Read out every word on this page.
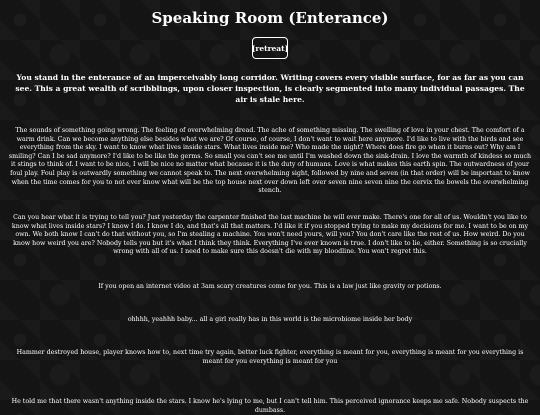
Speaking Room (Enterance)
[retreat]

You stand in the enterance of an imperceivably long corridor. Writing covers every visible surface, for as far as you can see. This a great wealth of scribblings, upon closer inspection, is clearly segmented into many individual passages. The air is stale here.

The sounds of something going wrong. The feeling of overwhelming dread. The ache of something missing. The swelling of love in your chest. The comfort of a warm drink. Can we become anything else besides what we are? Of course, of course, I don't want to wait here anymore. I'd like to live with the birds and see everything from the sky. I want to know what lives inside stars. What lives inside me? Who made the night? Where does fire go when it burns out? Why am I smiling? Can I be sad anymore? I'd like to be like the germs. So small you can't see me until I'm washed down the sink-drain. I love the warmth of kindess so much it stings to think of. I want to be nice, I will be nice no matter what because it is the duty of humans. Love is what makes this earth spin. The outwardness of your foul play. Foul play is outwardly something we cannot speak to. The next overwhelming sight, followed by nine and seven (in that order) will be important to know when the time comes for you to not ever know what will be the top house next over down left over seven nine seven nine the cervix the bowels the overwhelming stench.

Can you hear what it is trying to tell you? Just yesterday the carpenter finished the last machine he will ever make. There's one for all of us. Wouldn't you like to know what lives inside stars? I know I do. I know I do, and that's all that matters. I'd like it if you stopped trying to make my decisions for me. I want to be on my own. We both know I can't do that without you, so I'm stealing a machine. You won't need yours, will you? You don't care like the rest of us. How weird. Do you know how weird you are? Nobody tells you but it's what I think they think. Everything I've ever known is true. I don't like to lie, either. Something is so crucially wrong with all of us. I need to make sure this doesn't die with my bloodline. You won't regret this.

If you open an internet video at 3am scary creatures come for you. This is a law just like gravity or potions.

ohhhh, yeahhh baby... all a girl really has in this world is the microbiome inside her body

Hammer destroyed house, player knows how to, next time try again, better luck fighter, everything is meant for you, everything is meant for you everything is meant for you everything is meant for you

He told me that there wasn't anything inside the stars. I know he's lying to me, but I can't tell him. This perceived ignorance keeps me safe. Nobody suspects the dumbass.
